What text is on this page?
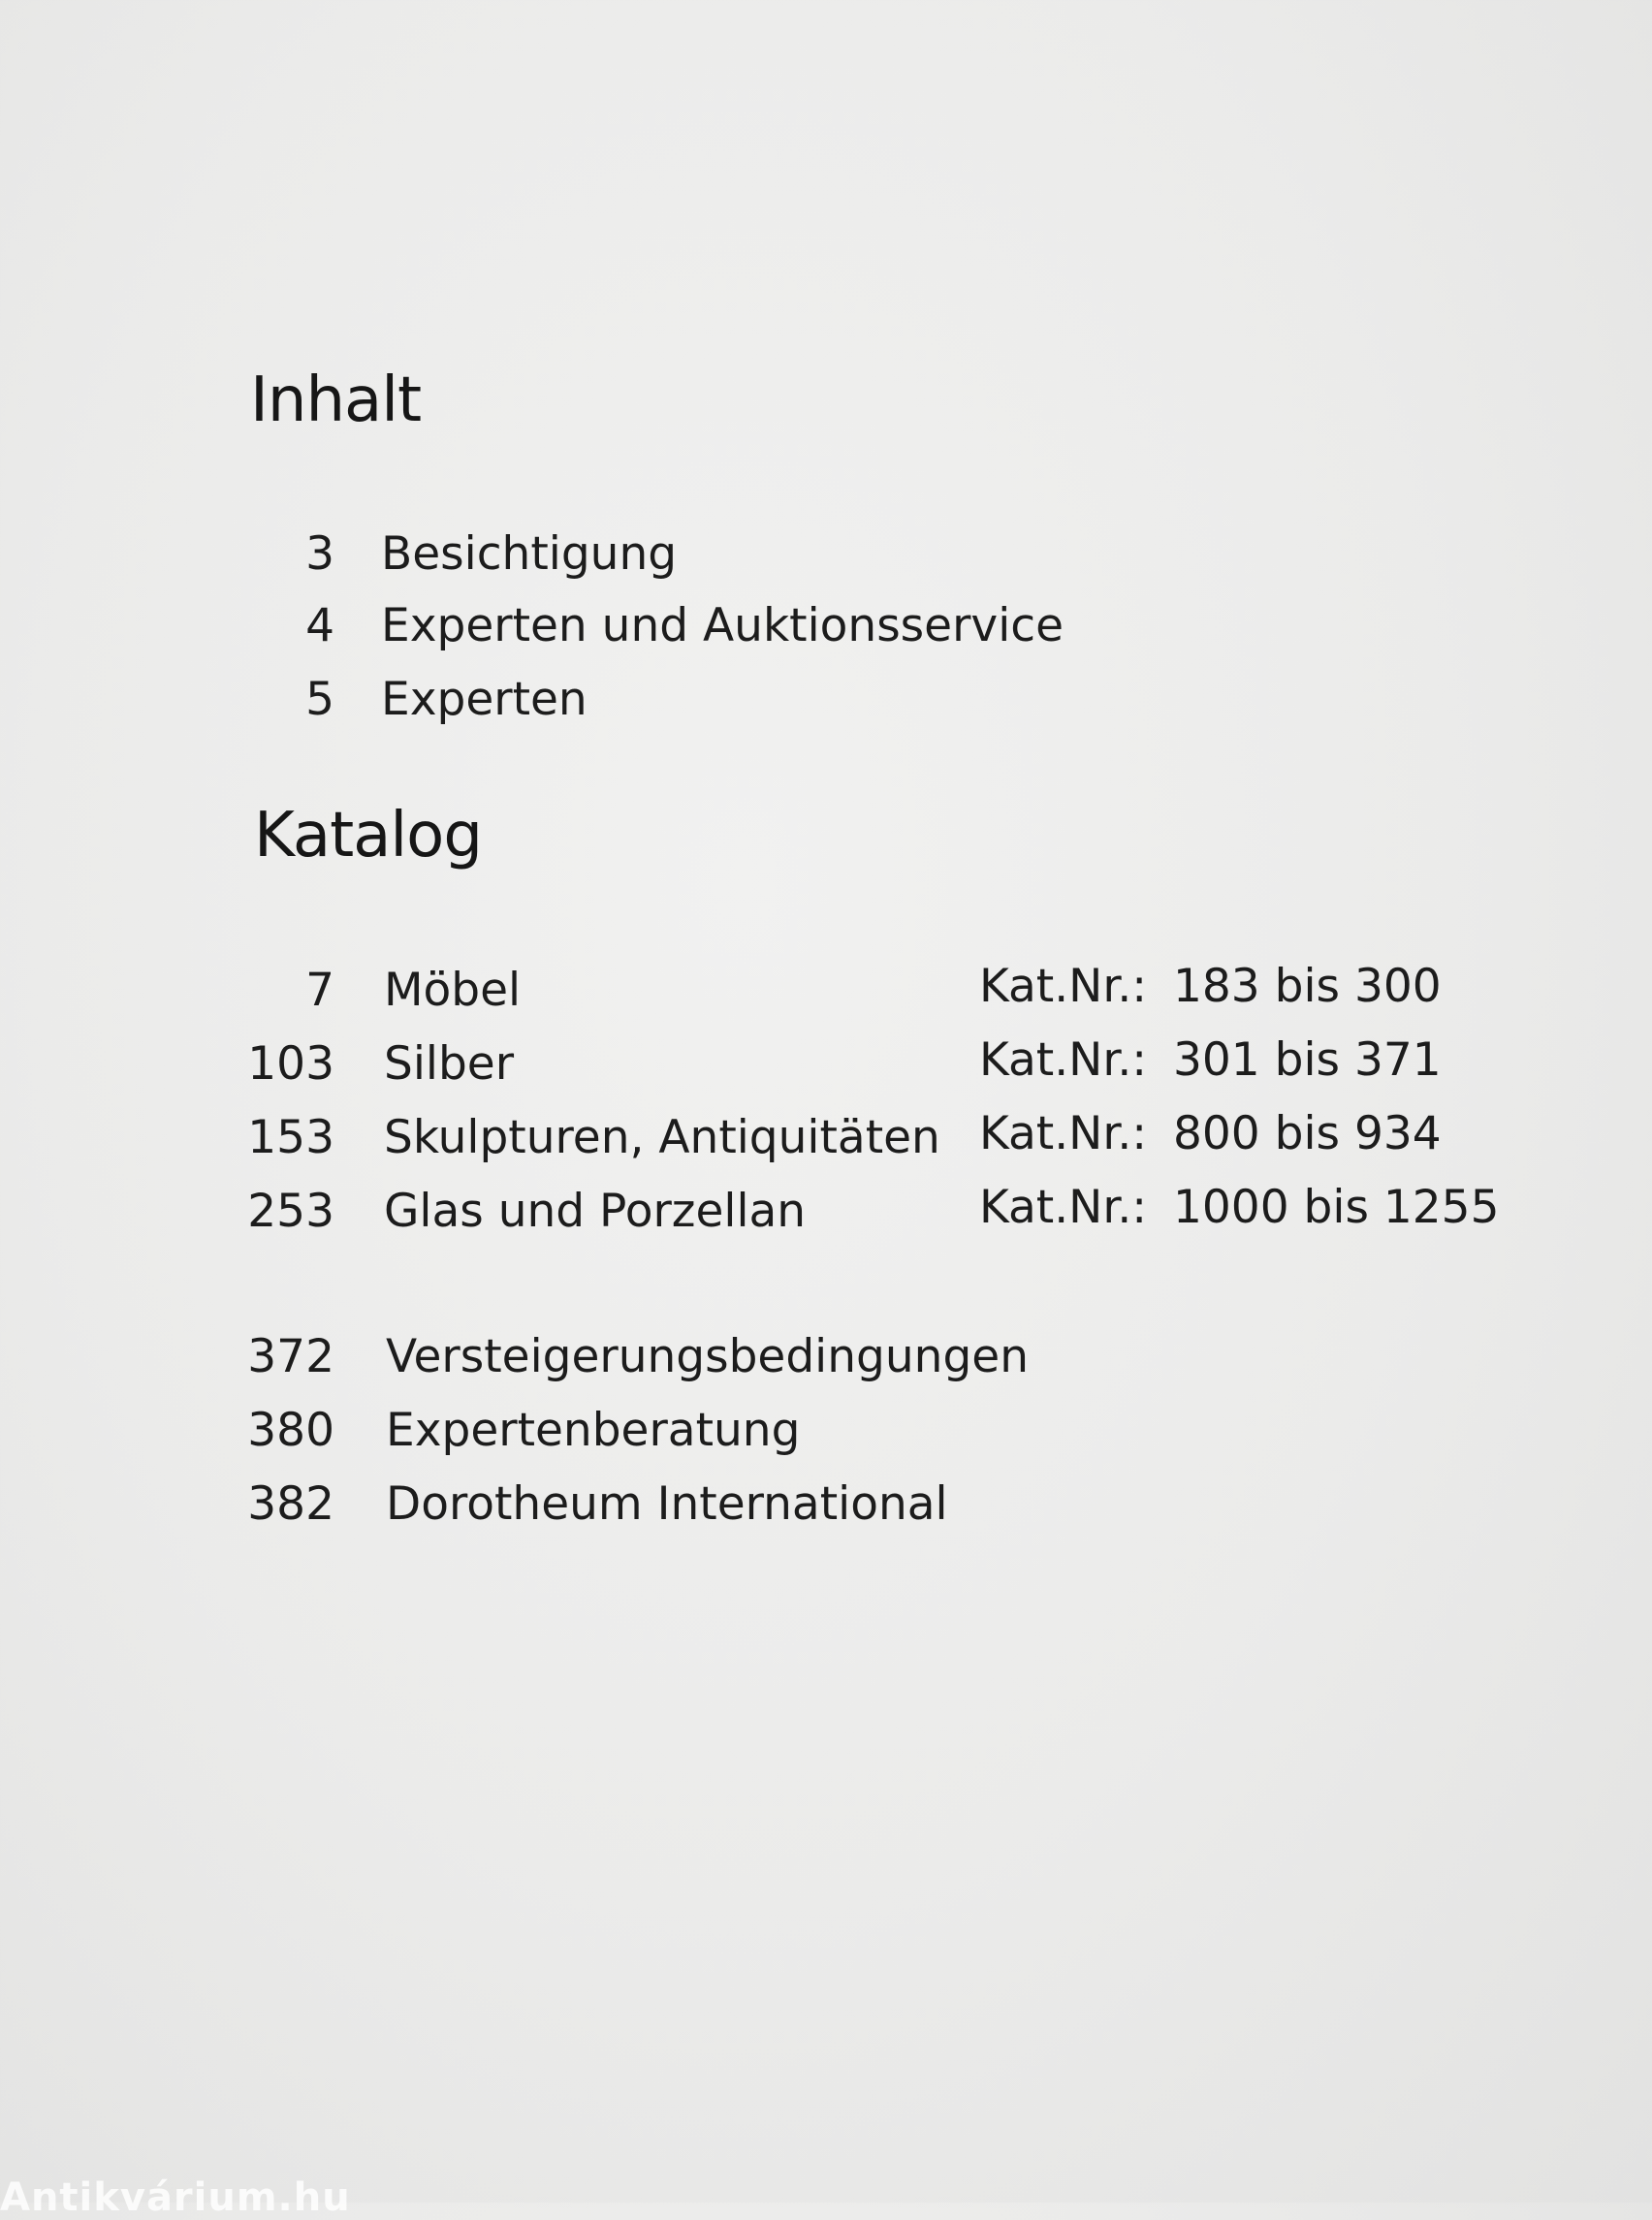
Inhalt
3 Besichtigung
4 Experten und Auktionsservice
5 Experten
Katalog
7 Möbel	Kat.Nr.: 183 bis 300
103 Silber	Kat.Nr.: 301 bis 371
153 Skulpturen, Antiquitäten Kat.Nr.: 800 bis 934
253 Glas und Porzellan	Kat.Nr.: 1000 bis 1255
372 Versteigerungsbedingungen
380 Expertenberatung
382 Dorotheum International
Antikvárium.hu
